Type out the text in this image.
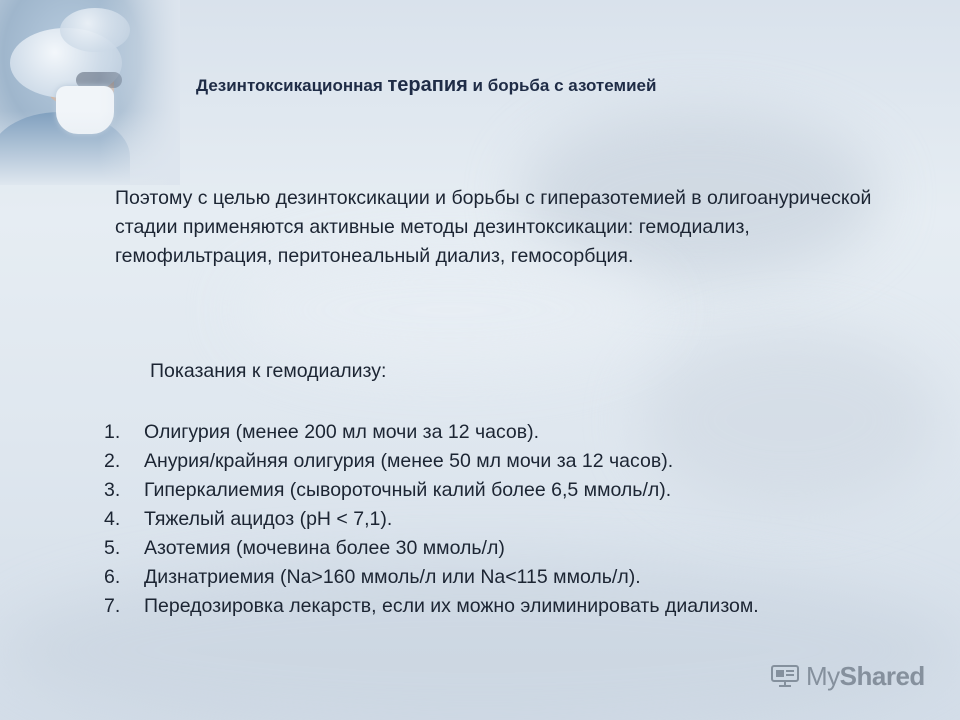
Дезинтоксикационная терапия и борьба с азотемией
Поэтому с целью дезинтоксикации и борьбы с гиперазотемией в олигоанурической стадии применяются активные методы дезинтоксикации: гемодиализ, гемофильтрация, перитонеальный диализ, гемосорбция.
Показания к гемодиализу:
1.	Олигурия (менее 200 мл мочи за 12 часов).
2.	Анурия/крайняя олигурия (менее 50 мл мочи за 12 часов).
3.	Гиперкалиемия (сывороточный калий более 6,5 ммоль/л).
4.	Тяжелый ацидоз (pH < 7,1).
5.	Азотемия (мочевина более 30 ммоль/л)
6.	Дизнатриемия (Na>160 ммоль/л или Na<115 ммоль/л).
7.	Передозировка лекарств, если их можно элиминировать диализом.
MyShared
